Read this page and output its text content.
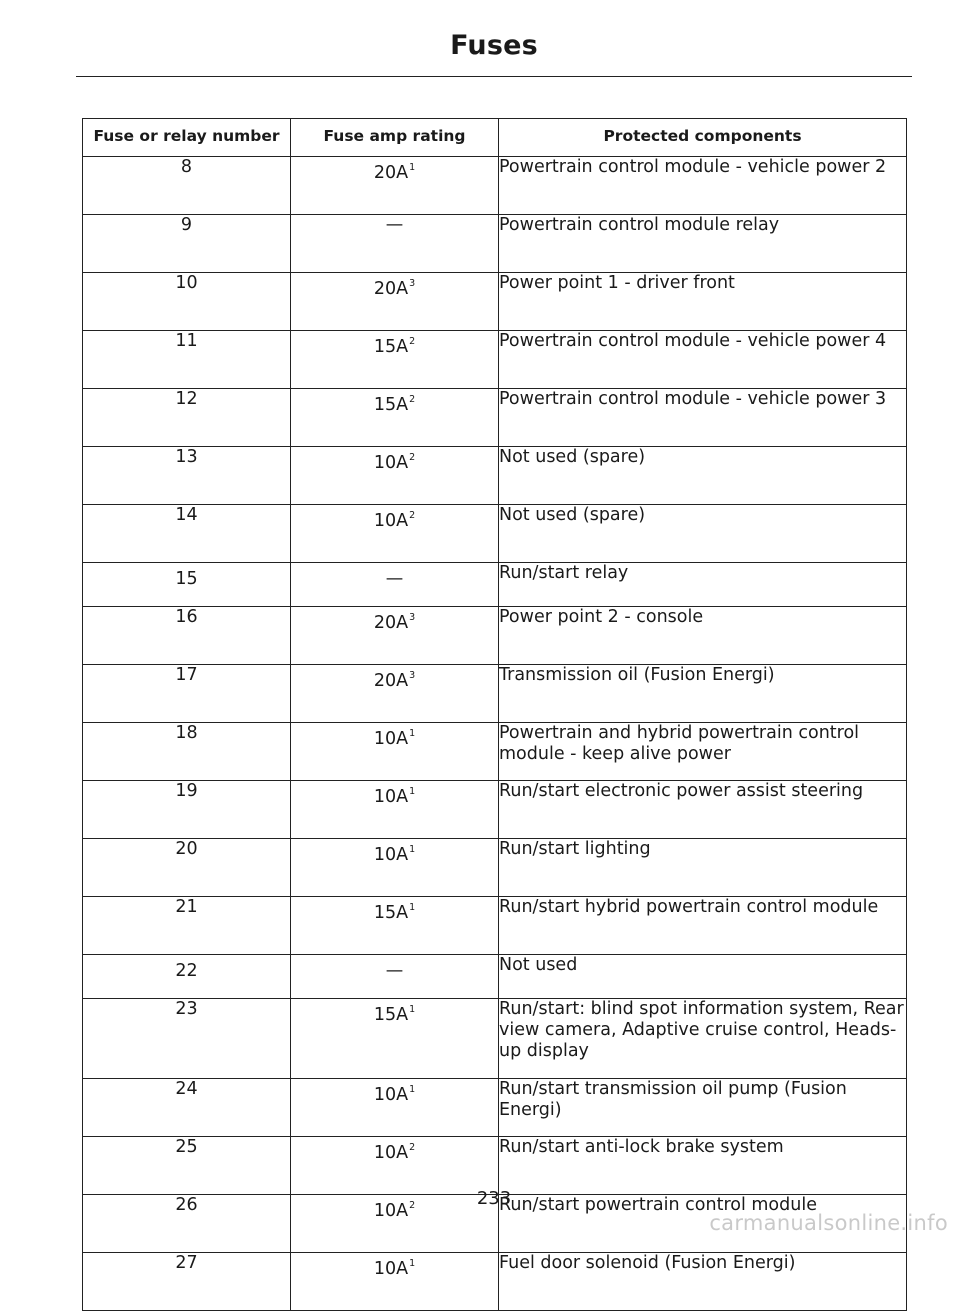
Fuses
Fuse or relay number	Fuse amp rating	Protected components
8	$20A^1$	Powertrain control module - vehicle power 2
9	—	Powertrain control module relay
10	$20A^3$	Power point 1 - driver front
11	$15A^2$	Powertrain control module - vehicle power 4
12	$15A^2$	Powertrain control module - vehicle power 3
13	$10A^2$	Not used (spare)
14	$10A^2$	Not used (spare)
15	—	Run/start relay
16	$20A^3$	Power point 2 - console
17	$20A^3$	Transmission oil (Fusion Energi)
18	$10A^1$	Powertrain and hybrid powertrain control module - keep alive power
19	$10A^1$	Run/start electronic power assist steering
20	$10A^1$	Run/start lighting
21	$15A^1$	Run/start hybrid powertrain control module
22	—	Not used
23	$15A^1$	Run/start: blind spot information system, Rear view camera, Adaptive cruise control, Heads-up display
24	$10A^1$	Run/start transmission oil pump (Fusion Energi)
25	$10A^2$	Run/start anti-lock brake system
26	$10A^2$	Run/start powertrain control module
27	$10A^1$	Fuel door solenoid (Fusion Energi)
233
carmanualsonline.info
